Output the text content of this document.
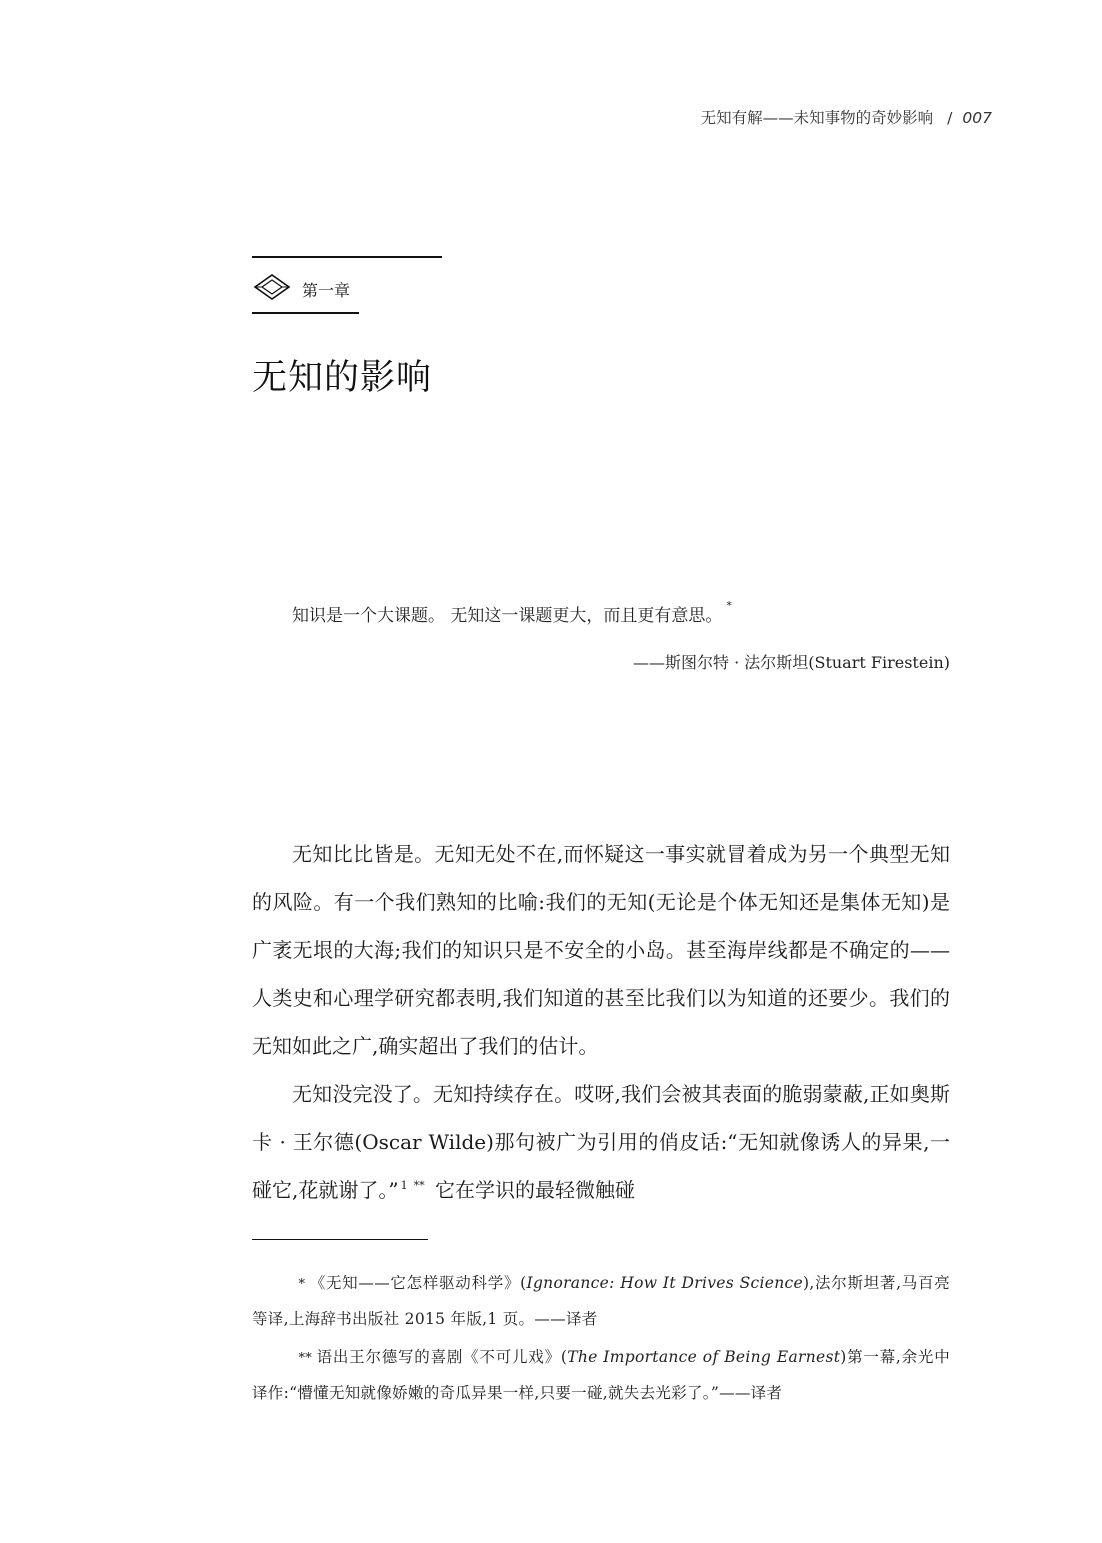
无知有解——未知事物的奇妙影响 / 007
第一章
无知的影响
知识是一个大课题。 无知这一课题更大，而且更有意思。*
——斯图尔特 · 法尔斯坦(Stuart Firestein)

无知比比皆是。无知无处不在,而怀疑这一事实就冒着成为另一个典型无知的风险。有一个我们熟知的比喻:我们的无知(无论是个体无知还是集体无知)是广袤无垠的大海;我们的知识只是不安全的小岛。甚至海岸线都是不确定的——人类史和心理学研究都表明,我们知道的甚至比我们以为知道的还要少。我们的无知如此之广,确实超出了我们的估计。

无知没完没了。无知持续存在。哎呀,我们会被其表面的脆弱蒙蔽,正如奥斯卡 · 王尔德(Oscar Wilde)那句被广为引用的俏皮话:“无知就像诱人的异果,一碰它,花就谢了。” $^1$ ** 它在学识的最轻微触碰

* 《无知——它怎样驱动科学》(Ignorance: How It Drives Science),法尔斯坦著,马百亮等译,上海辞书出版社 2015 年版,1 页。——译者

** 语出王尔德写的喜剧《不可儿戏》(The Importance of Being Earnest)第一幕,余光中译作:“懵懂无知就像娇嫩的奇瓜异果一样,只要一碰,就失去光彩了。”——译者
